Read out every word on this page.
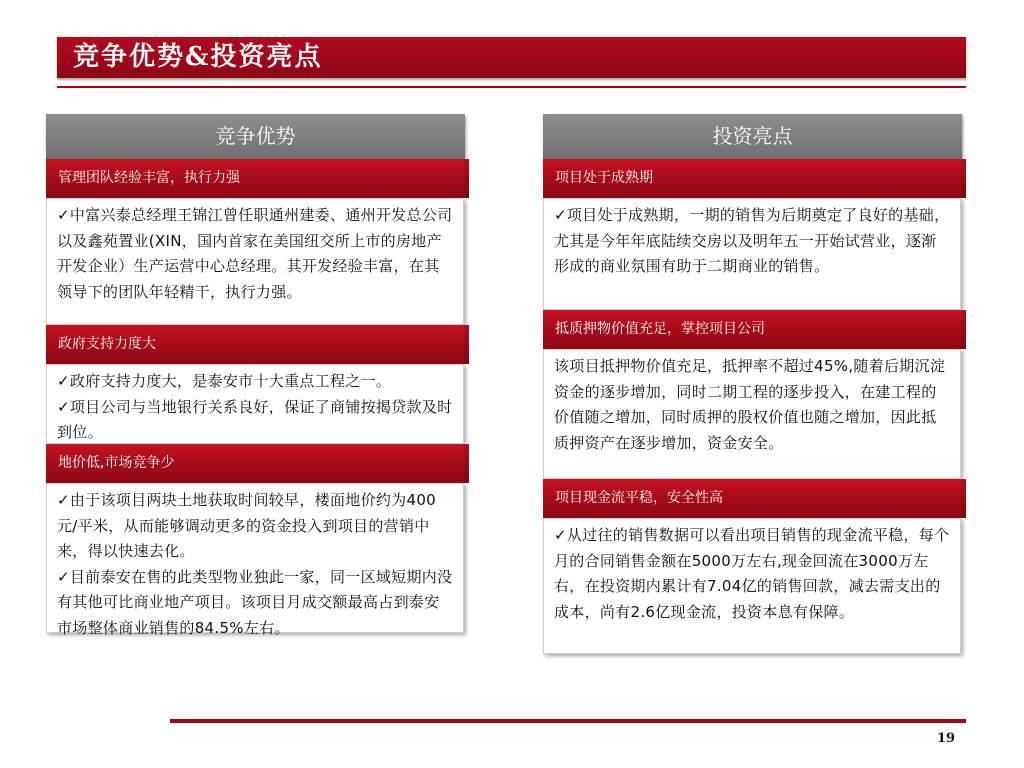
竞争优势&投资亮点
竞争优势
管理团队经验丰富，执行力强

✓中富兴泰总经理王锦江曾任职通州建委、通州开发总公司以及鑫苑置业(XIN，国内首家在美国纽交所上市的房地产开发企业）生产运营中心总经理。其开发经验丰富，在其领导下的团队年轻精干，执行力强。

政府支持力度大

✓政府支持力度大，是泰安市十大重点工程之一。

✓项目公司与当地银行关系良好，保证了商铺按揭贷款及时到位。

地价低,市场竞争少

✓由于该项目两块土地获取时间较早，楼面地价约为400元/平米，从而能够调动更多的资金投入到项目的营销中来，得以快速去化。

✓目前泰安在售的此类型物业独此一家，同一区域短期内没有其他可比商业地产项目。该项目月成交额最高占到泰安市场整体商业销售的84.5%左右。

投资亮点
项目处于成熟期

✓项目处于成熟期，一期的销售为后期奠定了良好的基础，尤其是今年年底陆续交房以及明年五一开始试营业，逐渐形成的商业氛围有助于二期商业的销售。

抵质押物价值充足，掌控项目公司

该项目抵押物价值充足，抵押率不超过45%,随着后期沉淀资金的逐步增加，同时二期工程的逐步投入，在建工程的价值随之增加，同时质押的股权价值也随之增加，因此抵质押资产在逐步增加，资金安全。

项目现金流平稳，安全性高

✓从过往的销售数据可以看出项目销售的现金流平稳，每个月的合同销售金额在5000万左右,现金回流在3000万左右，在投资期内累计有7.04亿的销售回款，减去需支出的成本，尚有2.6亿现金流，投资本息有保障。

19
